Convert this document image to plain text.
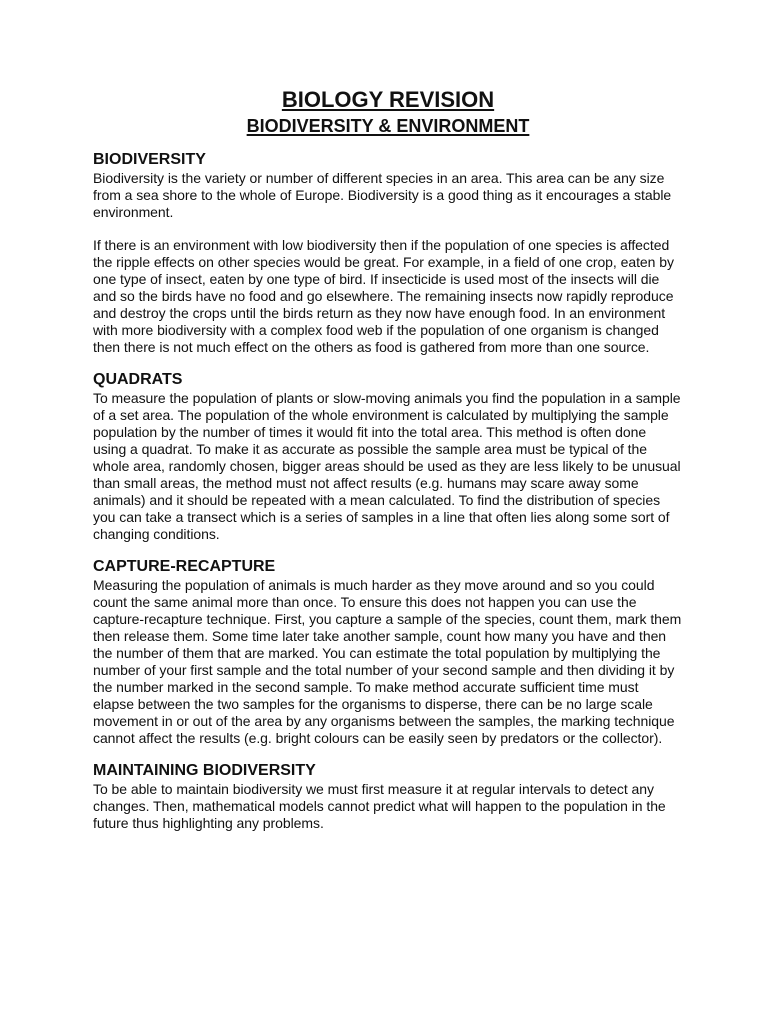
BIOLOGY REVISION
BIODIVERSITY & ENVIRONMENT
BIODIVERSITY

Biodiversity is the variety or number of different species in an area. This area can be any size from a sea shore to the whole of Europe. Biodiversity is a good thing as it encourages a stable environment.

If there is an environment with low biodiversity then if the population of one species is affected the ripple effects on other species would be great. For example, in a field of one crop, eaten by one type of insect, eaten by one type of bird. If insecticide is used most of the insects will die and so the birds have no food and go elsewhere. The remaining insects now rapidly reproduce and destroy the crops until the birds return as they now have enough food. In an environment with more biodiversity with a complex food web if the population of one organism is changed then there is not much effect on the others as food is gathered from more than one source.

QUADRATS

To measure the population of plants or slow-moving animals you find the population in a sample of a set area. The population of the whole environment is calculated by multiplying the sample population by the number of times it would fit into the total area. This method is often done using a quadrat. To make it as accurate as possible the sample area must be typical of the whole area, randomly chosen, bigger areas should be used as they are less likely to be unusual than small areas, the method must not affect results (e.g. humans may scare away some animals) and it should be repeated with a mean calculated. To find the distribution of species you can take a transect which is a series of samples in a line that often lies along some sort of changing conditions.

CAPTURE-RECAPTURE

Measuring the population of animals is much harder as they move around and so you could count the same animal more than once. To ensure this does not happen you can use the capture-recapture technique. First, you capture a sample of the species, count them, mark them then release them. Some time later take another sample, count how many you have and then the number of them that are marked. You can estimate the total population by multiplying the number of your first sample and the total number of your second sample and then dividing it by the number marked in the second sample. To make method accurate sufficient time must elapse between the two samples for the organisms to disperse, there can be no large scale movement in or out of the area by any organisms between the samples, the marking technique cannot affect the results (e.g. bright colours can be easily seen by predators or the collector).

MAINTAINING BIODIVERSITY

To be able to maintain biodiversity we must first measure it at regular intervals to detect any changes. Then, mathematical models cannot predict what will happen to the population in the future thus highlighting any problems.
